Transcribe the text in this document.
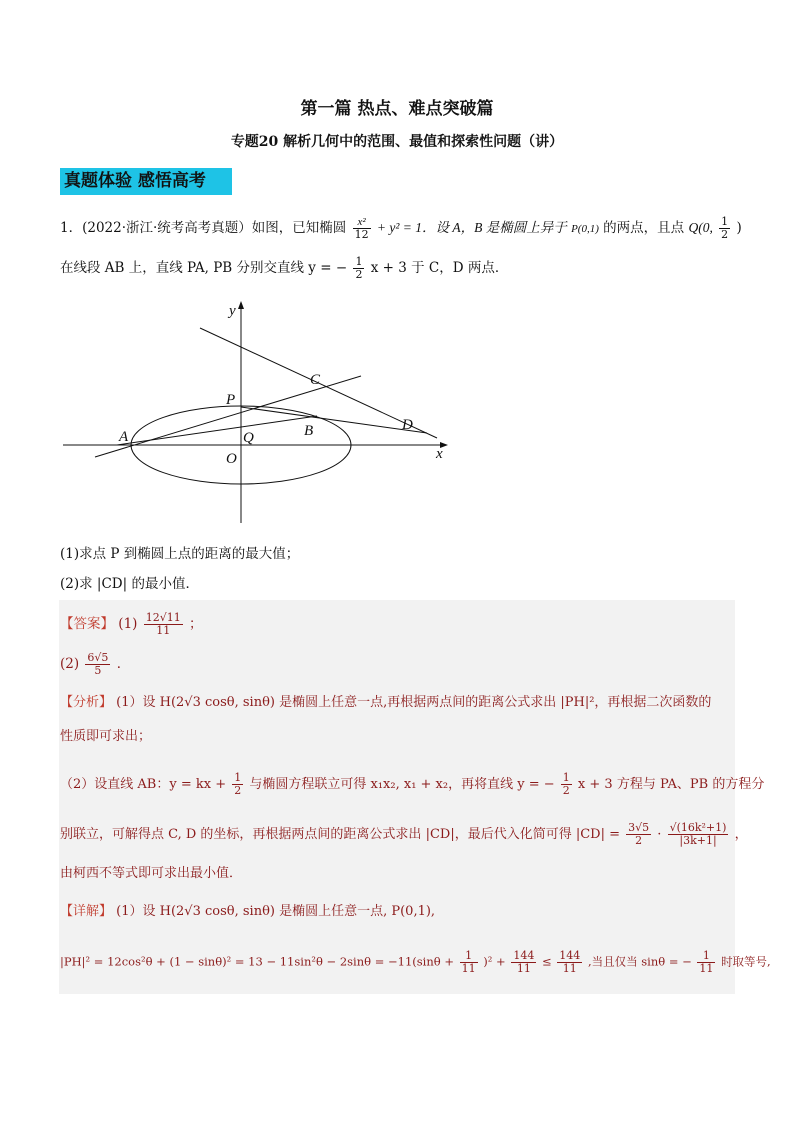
第一篇 热点、难点突破篇
专题20 解析几何中的范围、最值和探索性问题（讲）
真题体验 感悟高考
1．(2022·浙江·统考高考真题）如图，已知椭圆 $\frac{\text{x²}}{12} + y^2 = 1$．设 A，B 是椭圆上异于 P(0,1) 的两点，且点 Q(0, $\frac{1}{2}$ )
在线段 AB 上，直线 PA, PB 分别交直线 y = − $\frac{1}{2}$ x + 3 于 C，D 两点．
y
x
P
C
D
A	B
Q
O
(1)求点 P 到椭圆上点的距离的最大值；
(2)求 |CD| 的最小值．
【答案】 $(1) \frac{12√11}{11}$ ；
$(2) \frac{6√5}{5}$ ．
【分析】 (1）设 H(2√3 cosθ, sinθ) 是椭圆上任意一点,再根据两点间的距离公式求出 |PH|²，再根据二次函数的
性质即可求出；
（2）设直线 AB：y = kx + $\frac{1}{2}$ 与椭圆方程联立可得 x₁x₂, x₁ + x₂，再将直线 y = − $\frac{1}{2}$ x + 3 方程与 PA、PB 的方程分
别联立，可解得点 C, D 的坐标，再根据两点间的距离公式求出 |CD|，最后代入化简可得 $|CD| = \frac{3√5}{2} \cdot \frac{\text{√(16k²+1)}}{|3k+1|}$ ，
由柯西不等式即可求出最小值．
【详解】 (1）设 H(2√3 cosθ, sinθ) 是椭圆上任意一点, P(0,1),
$|PH|^2 = 12\cos^2\theta + (1 - \sin\theta)^2 = 13 - 11\sin^2\theta - 2\sin\theta = -11(\sin\theta + \frac{1}{11} )^2 + \frac{144}{11} \le \frac{144}{11}$ ,当且仅当 sinθ = − $\frac{1}{11}$ 时取等号,
